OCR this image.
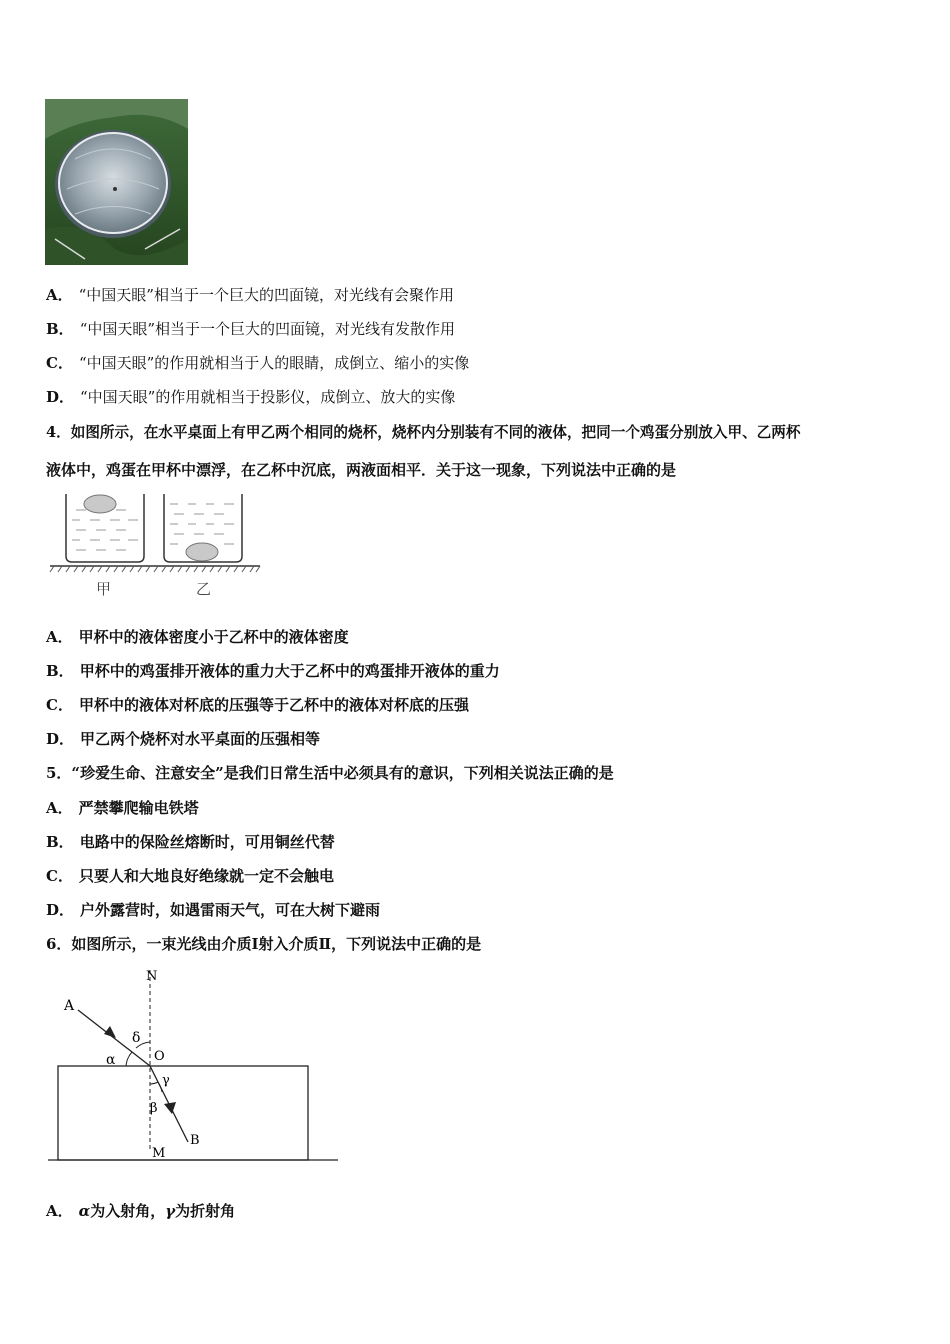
A． “中国天眼”相当于一个巨大的凹面镜，对光线有会聚作用
B． “中国天眼”相当于一个巨大的凹面镜，对光线有发散作用
C． “中国天眼”的作用就相当于人的眼睛，成倒立、缩小的实像
D． “中国天眼”的作用就相当于投影仪，成倒立、放大的实像
4．如图所示，在水平桌面上有甲乙两个相同的烧杯，烧杯内分别装有不同的液体，把同一个鸡蛋分别放入甲、乙两杯
液体中，鸡蛋在甲杯中漂浮，在乙杯中沉底，两液面相平．关于这一现象，下列说法中正确的是
甲	乙
A． 甲杯中的液体密度小于乙杯中的液体密度
B． 甲杯中的鸡蛋排开液体的重力大于乙杯中的鸡蛋排开液体的重力
C． 甲杯中的液体对杯底的压强等于乙杯中的液体对杯底的压强
D． 甲乙两个烧杯对水平桌面的压强相等
5．“珍爱生命、注意安全”是我们日常生活中必须具有的意识，下列相关说法正确的是
A． 严禁攀爬输电铁塔
B． 电路中的保险丝熔断时，可用铜丝代替
C． 只要人和大地良好绝缘就一定不会触电
D． 户外露营时，如遇雷雨天气，可在大树下避雨
6．如图所示，一束光线由介质Ⅰ射入介质Ⅱ，下列说法中正确的是
N
A
δ
α	O
γ
β
B
M
A． α为入射角，γ为折射角
